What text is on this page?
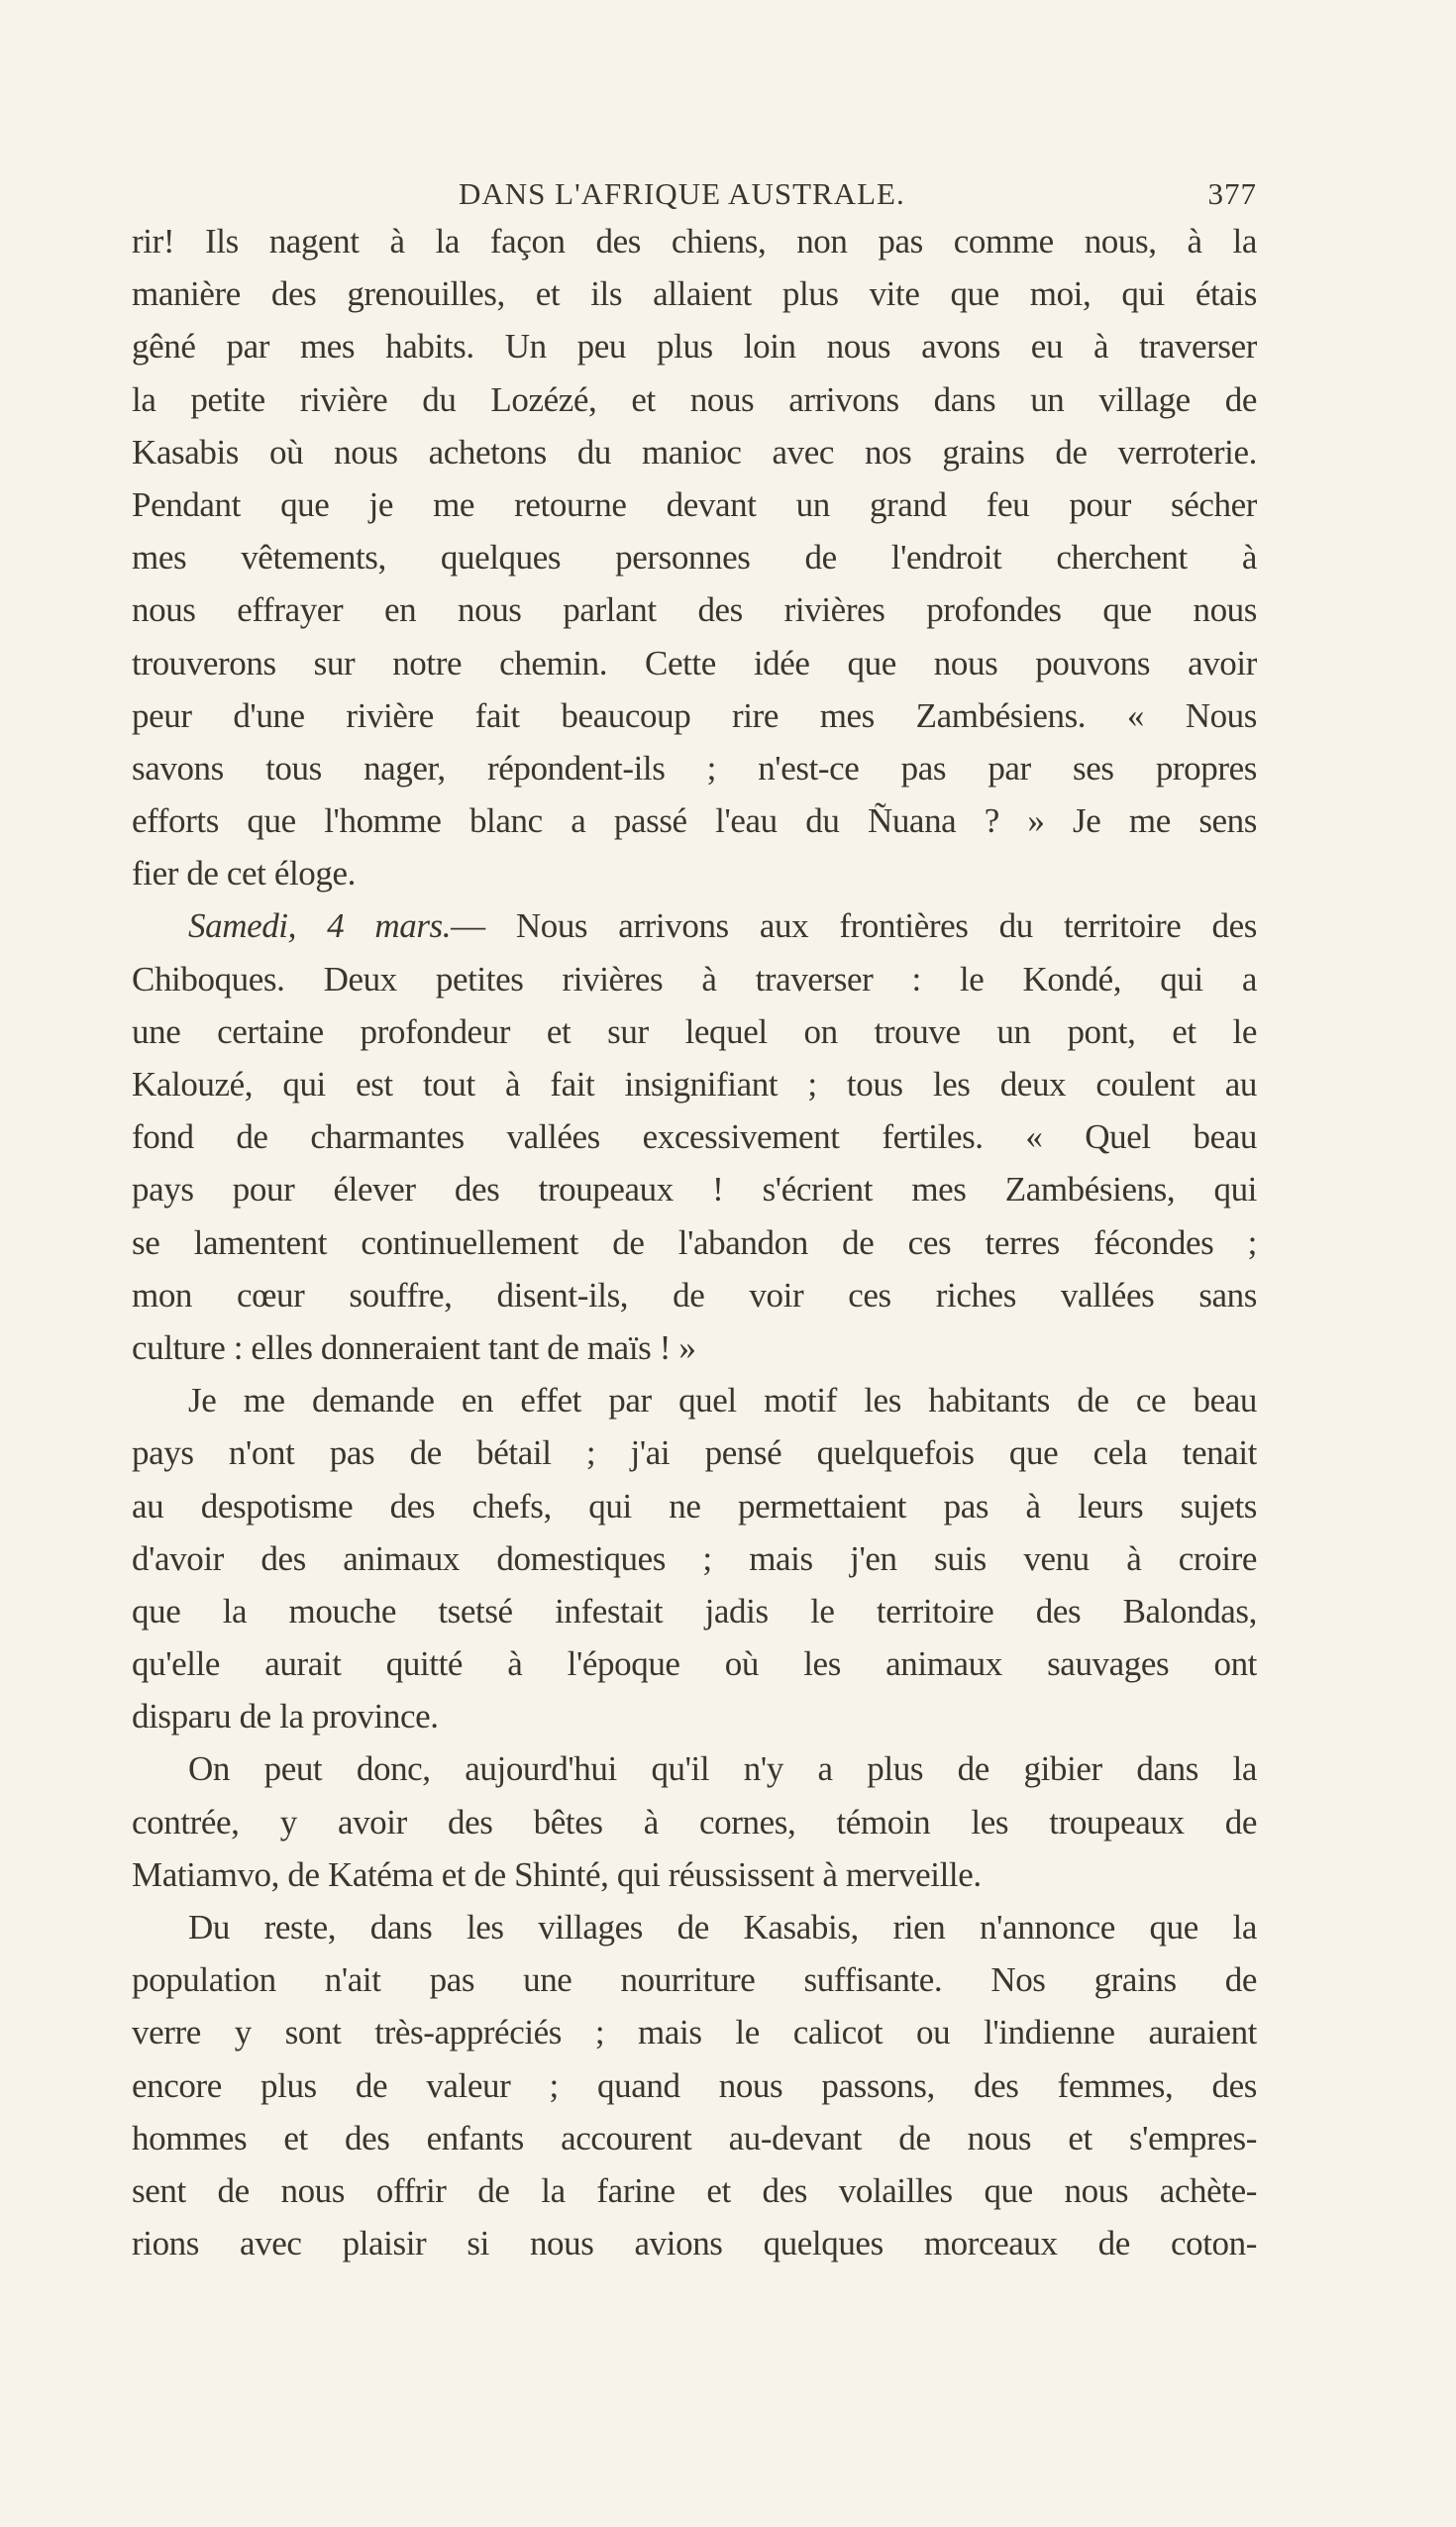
DANS L'AFRIQUE AUSTRALE.	377
rir! Ils nagent à la façon des chiens, non pas comme nous, à la
manière des grenouilles, et ils allaient plus vite que moi, qui étais
gêné par mes habits. Un peu plus loin nous avons eu à traverser
la petite rivière du Lozézé, et nous arrivons dans un village de
Kasabis où nous achetons du manioc avec nos grains de verroterie.
Pendant que je me retourne devant un grand feu pour sécher
mes vêtements, quelques personnes de l'endroit cherchent à
nous effrayer en nous parlant des rivières profondes que nous
trouverons sur notre chemin. Cette idée que nous pouvons avoir
peur d'une rivière fait beaucoup rire mes Zambésiens. « Nous
savons tous nager, répondent-ils ; n'est-ce pas par ses propres
efforts que l'homme blanc a passé l'eau du Ñuana ? » Je me sens
fier de cet éloge.
Samedi, 4 mars.— Nous arrivons aux frontières du territoire des
Chiboques. Deux petites rivières à traverser : le Kondé, qui a
une certaine profondeur et sur lequel on trouve un pont, et le
Kalouzé, qui est tout à fait insignifiant ; tous les deux coulent au
fond de charmantes vallées excessivement fertiles. « Quel beau
pays pour élever des troupeaux ! s'écrient mes Zambésiens, qui
se lamentent continuellement de l'abandon de ces terres fécondes ;
mon cœur souffre, disent-ils, de voir ces riches vallées sans
culture : elles donneraient tant de maïs ! »
Je me demande en effet par quel motif les habitants de ce beau
pays n'ont pas de bétail ; j'ai pensé quelquefois que cela tenait
au despotisme des chefs, qui ne permettaient pas à leurs sujets
d'avoir des animaux domestiques ; mais j'en suis venu à croire
que la mouche tsetsé infestait jadis le territoire des Balondas,
qu'elle aurait quitté à l'époque où les animaux sauvages ont
disparu de la province.
On peut donc, aujourd'hui qu'il n'y a plus de gibier dans la
contrée, y avoir des bêtes à cornes, témoin les troupeaux de
Matiamvo, de Katéma et de Shinté, qui réussissent à merveille.
Du reste, dans les villages de Kasabis, rien n'annonce que la
population n'ait pas une nourriture suffisante. Nos grains de
verre y sont très-appréciés ; mais le calicot ou l'indienne auraient
encore plus de valeur ; quand nous passons, des femmes, des
hommes et des enfants accourent au-devant de nous et s'empres-
sent de nous offrir de la farine et des volailles que nous achète-
rions avec plaisir si nous avions quelques morceaux de coton-
